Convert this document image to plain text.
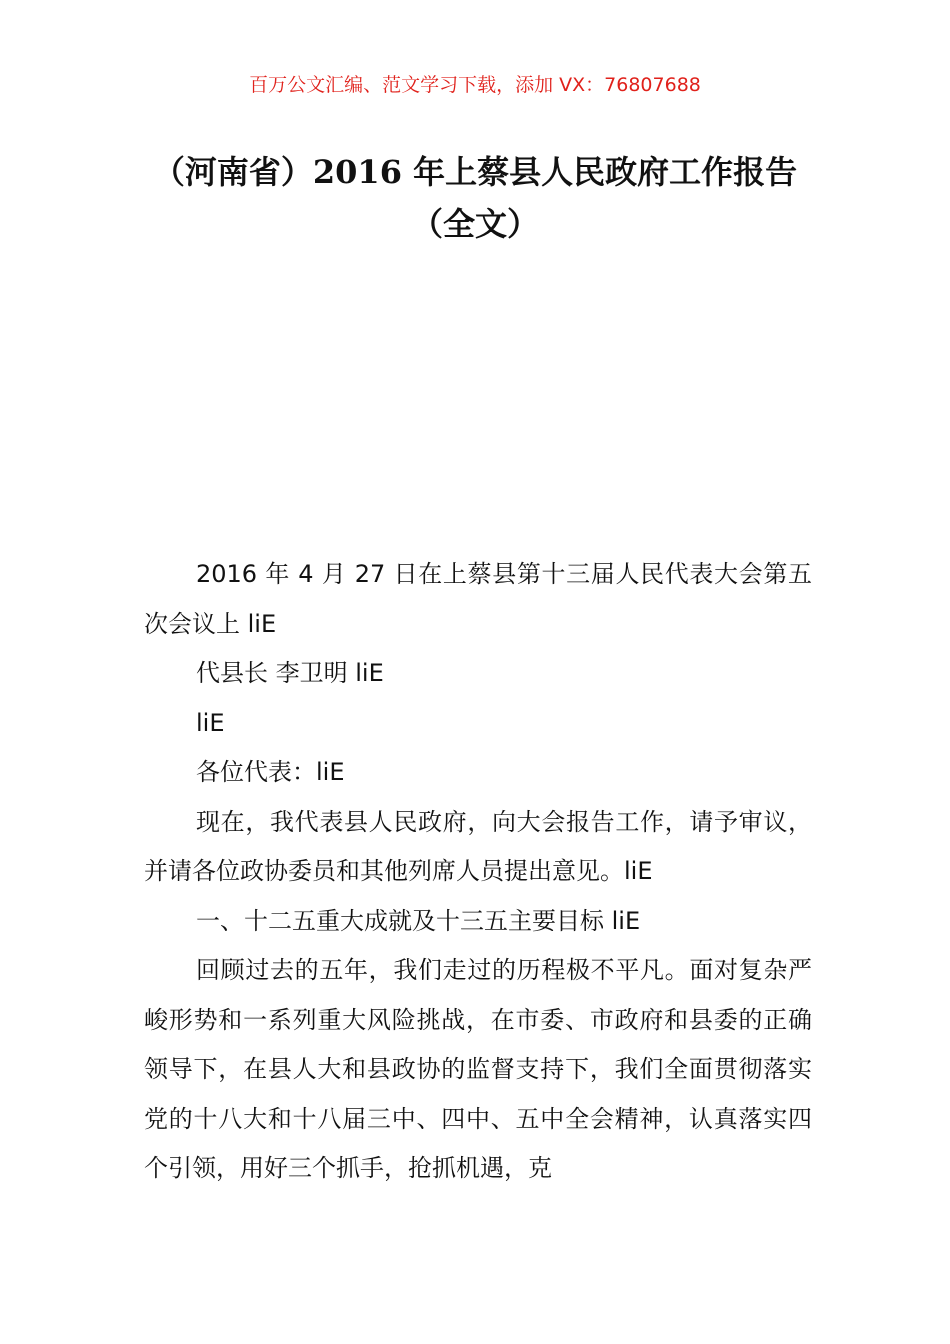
百万公文汇编、范文学习下载，添加 VX：76807688
（河南省）2016 年上蔡县人民政府工作报告（全文）

2016 年 4 月 27 日在上蔡县第十三届人民代表大会第五次会议上 liE

代县长 李卫明 liE

liE

各位代表：liE

现在，我代表县人民政府，向大会报告工作，请予审议，并请各位政协委员和其他列席人员提出意见。liE

一、十二五重大成就及十三五主要目标 liE

回顾过去的五年，我们走过的历程极不平凡。面对复杂严峻形势和一系列重大风险挑战，在市委、市政府和县委的正确领导下，在县人大和县政协的监督支持下，我们全面贯彻落实党的十八大和十八届三中、四中、五中全会精神，认真落实四个引领，用好三个抓手，抢抓机遇，克
